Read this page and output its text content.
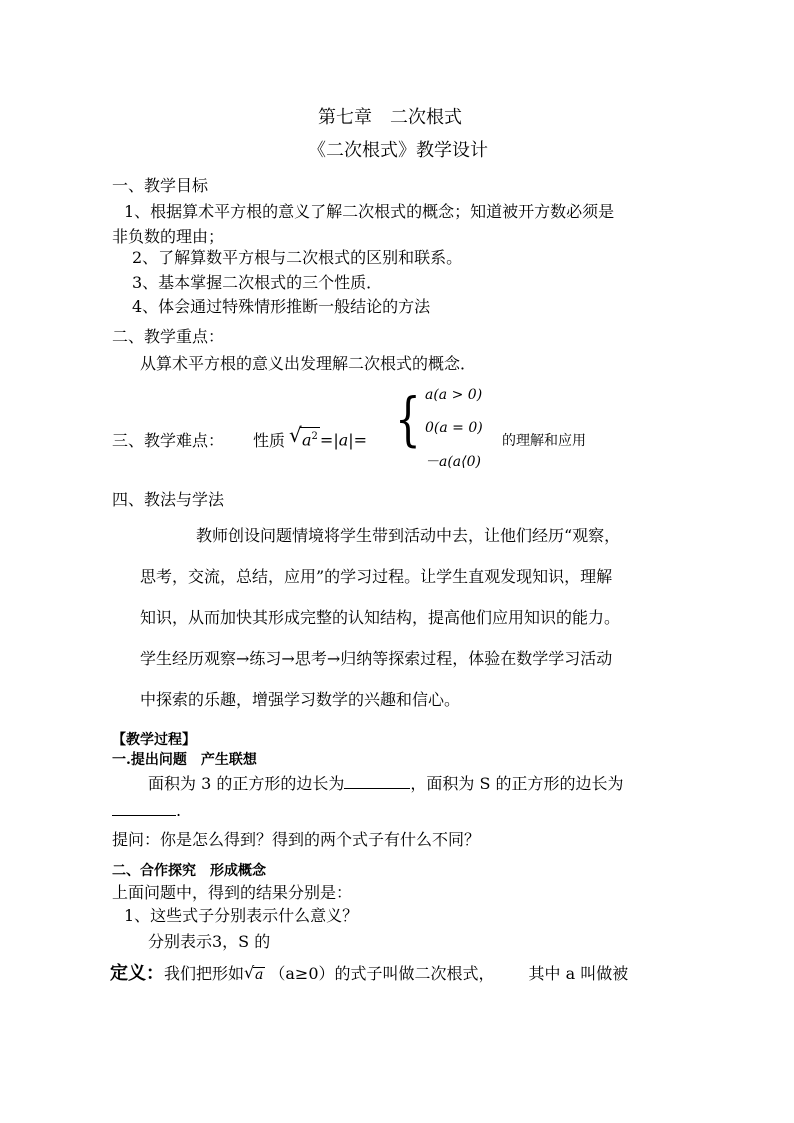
第七章　二次根式
《二次根式》教学设计
一、教学目标
1、根据算术平方根的意义了解二次根式的概念；知道被开方数必须是
非负数的理由；
2、了解算数平方根与二次根式的区别和联系。
3、基本掌握二次根式的三个性质．
4、体会通过特殊情形推断一般结论的方法
二、教学重点：
从算术平方根的意义出发理解二次根式的概念．
三、教学难点： 性质 √ $a^2 =|a|=$ { a(a > 0)
0(a = 0)
－a(a⟨0)
的理解和应用
四、教法与学法
教师创设问题情境将学生带到活动中去，让他们经历“观察，
思考，交流，总结，应用”的学习过程。让学生直观发现知识，理解
知识，从而加快其形成完整的认知结构，提高他们应用知识的能力。
学生经历观察→练习→思考→归纳等探索过程，体验在数学学习活动
中探索的乐趣，增强学习数学的兴趣和信心。
【教学过程】
一.提出问题　产生联想
面积为 3 的正方形的边长为	，面积为 S 的正方形的边长为
.
提问：你是怎么得到？得到的两个式子有什么不同？
二、合作探究　形成概念
上面问题中，得到的结果分别是：
1、这些式子分别表示什么意义？
分别表示3，S 的
定义：我们把形如 √ a （a≥0）的式子叫做二次根式， 其中 a 叫做被
